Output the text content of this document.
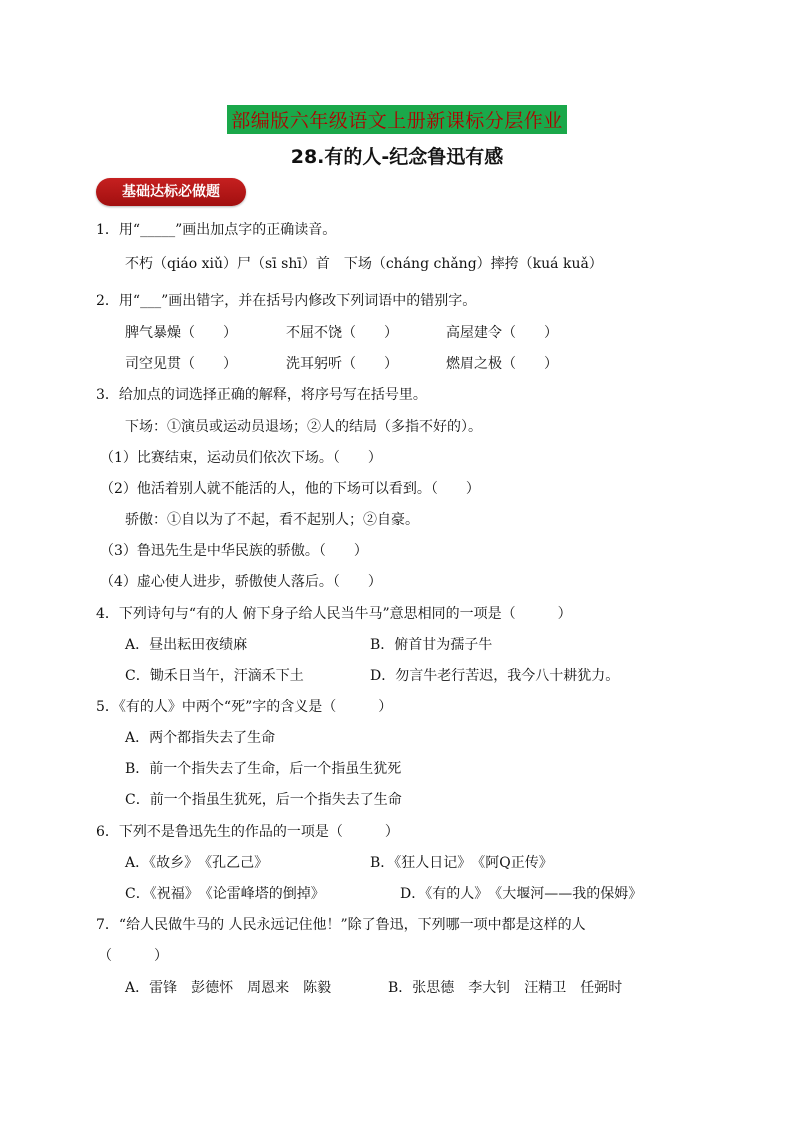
部编版六年级语文上册新课标分层作业
28.有的人-纪念鲁迅有感
基础达标必做题
1．用“_____”画出加点字的正确读音。
不朽（qiáo xiǔ）尸（sī shī）首　下场（cháng chǎng）摔挎（kuá kuǎ）
2．用“___”画出错字，并在括号内修改下列词语中的错别字。
脾气暴燥（　　）	不屈不饶（　　）	高屋建令（　　）
司空见贯（　　）	洗耳躬听（　　）	燃眉之极（　　）
3．给加点的词选择正确的解释，将序号写在括号里。
下场：①演员或运动员退场；②人的结局（多指不好的）。
（1）比赛结束，运动员们依次下场。（　　）
（2）他活着别人就不能活的人，他的下场可以看到。（　　）
骄傲：①自以为了不起，看不起别人；②自豪。
（3）鲁迅先生是中华民族的骄傲。（　　）
（4）虚心使人进步，骄傲使人落后。（　　）
4．下列诗句与“有的人 俯下身子给人民当牛马”意思相同的一项是（　　　）
A．昼出耘田夜绩麻	B．俯首甘为孺子牛
C．锄禾日当午，汗滴禾下土	D．勿言牛老行苦迟，我今八十耕犹力。
5．《有的人》中两个“死”字的含义是（　　　）
A．两个都指失去了生命
B．前一个指失去了生命，后一个指虽生犹死
C．前一个指虽生犹死，后一个指失去了生命
6．下列不是鲁迅先生的作品的一项是（　　　）
A．《故乡》　《孔乙己》	B．《狂人日记》　《阿Q正传》
C．《祝福》　《论雷峰塔的倒掉》	D．《有的人》　《大堰河——我的保姆》
7．“给人民做牛马的 人民永远记住他！”除了鲁迅，下列哪一项中都是这样的人
（　　　）
A．雷锋　彭德怀　周恩来　陈毅	B．张思德　李大钊　汪精卫　任弼时
